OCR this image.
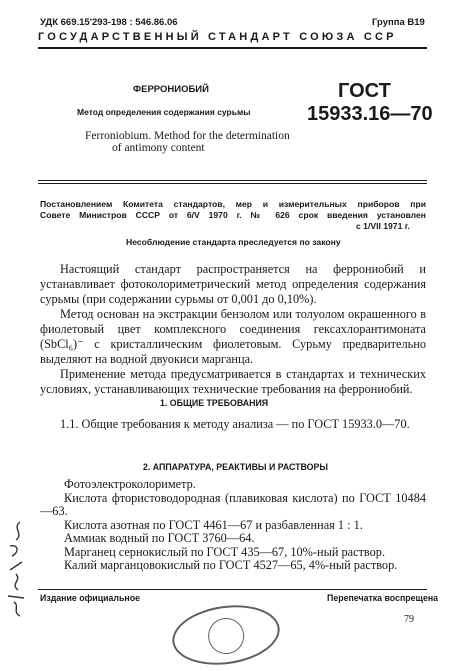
УДК 669.15'293-198 : 546.86.06	Группа В19
ГОСУДАРСТВЕННЫЙ СТАНДАРТ СОЮЗА ССР
ФЕРРОНИОБИЙ
Метод определения содержания сурьмы
Ferroniobium. Method for the determination
of antimony content
ГОСТ
15933.16—70
Постановлением Комитета стандартов, мер и измерительных приборов при
Совете Министров СССР от 6/V 1970 г. № 626 срок введения установлен
с 1/VII 1971 г.
Несоблюдение стандарта преследуется по закону

Настоящий стандарт распространяется на феррониобий и устанавливает фотоколориметрический метод определения содержания сурьмы (при содержании сурьмы от 0,001 до 0,10%).

Метод основан на экстракции бензолом или толуолом окрашенного в фиолетовый цвет комплексного соединения гексахлорантимоната (SbCl₆)⁻ с кристаллическим фиолетовым. Сурьму предварительно выделяют на водной двуокиси марганца.

Применение метода предусматривается в стандартах и технических условиях, устанавливающих технические требования на феррониобий.

1. ОБЩИЕ ТРЕБОВАНИЯ

1.1. Общие требования к методу анализа — по ГОСТ 15933.0—70.

2. АППАРАТУРА, РЕАКТИВЫ И РАСТВОРЫ

Фотоэлектроколориметр.

Кислота фтористоводородная (плавиковая кислота) по ГОСТ 10484—63.

Кислота азотная по ГОСТ 4461—67 и разбавленная 1 : 1.

Аммиак водный по ГОСТ 3760—64.

Марганец сернокислый по ГОСТ 435—67, 10%-ный раствор.

Калий марганцовокислый по ГОСТ 4527—65, 4%-ный раствор.

Издание официальное	Перепечатка воспрещена
79
